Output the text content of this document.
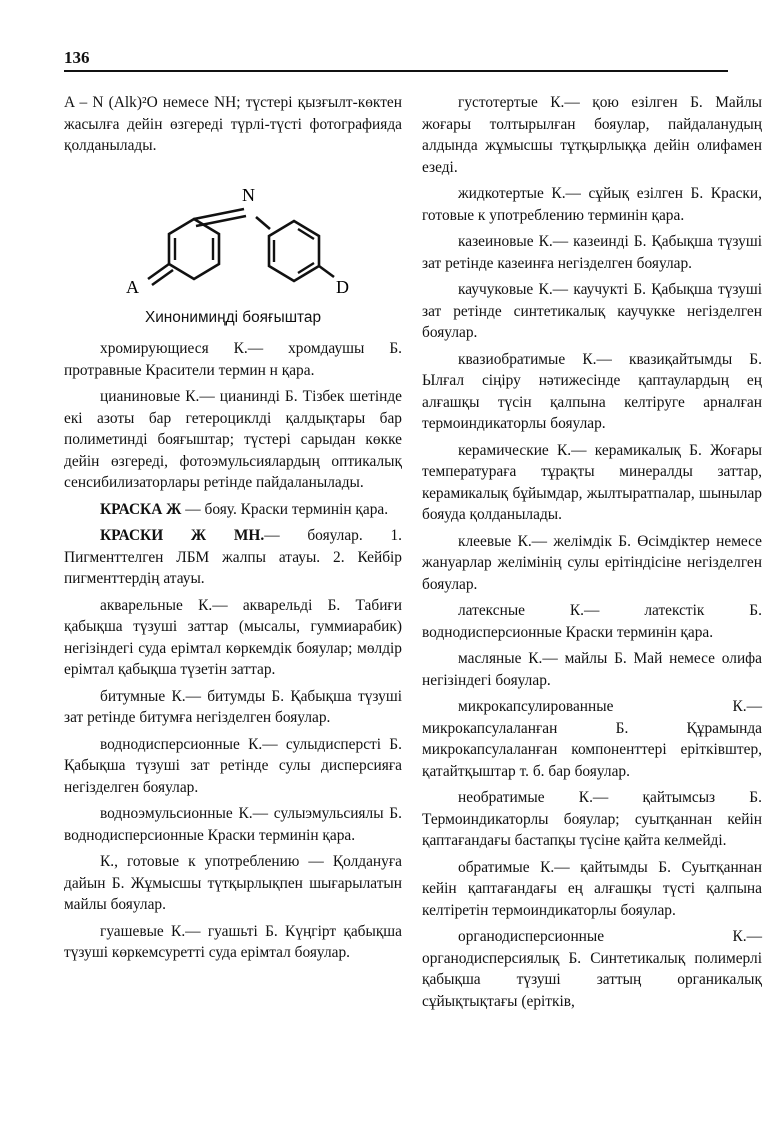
136

A – N (Alk)²O немесе NH; түстері қызғылт-көктен жасылға дейін өзгереді түрлі-түсті фотографияда қолданылады.

N
A	D

Хинонимиңді бояғыштар

хромирующиеся К.— хромдаушы Б. протравные Красители термин н қара.

цианиновые К.— цианинді Б. Тізбек шетінде екі азоты бар гетероциклді қалдықтары бар полиметинді бояғыштар; түстері сарыдан көкке дейін өзгереді, фотоэмульсиялардың оптикалық сенсибилизаторлары ретінде пайдаланылады.

КРАСКА Ж — бояу. Краски терминін қара.

КРАСКИ Ж МН.— бояулар. 1. Пигменттелген ЛБМ жалпы атауы. 2. Кейбір пигменттердің атауы.

акварельные К.— акварельді Б. Табиғи қабықша түзуші заттар (мысалы, гуммиарабик) негізіндегі суда ерімтал көркемдік бояулар; мөлдір ерімтал қабықша түзетін заттар.

битумные К.— битумды Б. Қабықша түзуші зат ретінде битумға негізделген бояулар.

воднодисперсионные К.— сулыдисперсті Б. Қабықша түзуші зат ретінде сулы дисперсияға негізделген бояулар.

водноэмульсионные К.— сулыэмульсиялы Б. воднодисперсионные Краски терминін қара.

К., готовые к употреблению — Қолдануға дайын Б. Жұмысшы түтқырлықпен шығарылатын майлы бояулар.

гуашевые К.— гуашьті Б. Күңгірт қабықша түзуші көркемсуретті суда ерімтал бояулар.

густотертые К.— қою езілген Б. Майлы жоғары толтырылған бояулар, пайдаланудың алдында жұмысшы тұтқырлыққа дейін олифамен езеді.

жидкотертые К.— сұйық езілген Б. Краски, готовые к употреблению терминін қара.

казеиновые К.— казеинді Б. Қабықша түзуші зат ретінде казеинға негізделген бояулар.

каучуковые К.— каучукті Б. Қабықша түзуші зат ретінде синтетикалық каучукке негізделген бояулар.

квазиобратимые К.— квазиқайтымды Б. Ылғал сіңіру нәтижесінде қаптаулардың ең алғашқы түсін қалпына келтіруге арналған термоиндикаторлы бояулар.

керамические К.— керамикалық Б. Жоғары температураға тұрақты минералды заттар, керамикалық бұйымдар, жылтыратпалар, шынылар бояуда қолданылады.

клеевые К.— желімдік Б. Өсімдіктер немесе жануарлар желімінің сулы ерітіндісіне негізделген бояулар.

латексные К.— латекстік Б. воднодисперсионные Краски терминін қара.

масляные К.— майлы Б. Май немесе олифа негізіндегі бояулар.

микрокапсулированные К.— микрокапсулаланған Б. Құрамында микрокапсулаланған компоненттері ерітківштер, қатайтқыштар т. б. бар бояулар.

необратимые К.— қайтымсыз Б. Термоиндикаторлы бояулар; суытқаннан кейін қаптағандағы бастапқы түсіне қайта келмейді.

обратимые К.— қайтымды Б. Суытқаннан кейін қаптағандағы ең алғашқы түсті қалпына келтіретін термоиндикаторлы бояулар.

органодисперсионные К.— органодисперсиялық Б. Синтетикалық полимерлі қабықша түзуші заттың органикалық сұйықтықтағы (ерітків,
